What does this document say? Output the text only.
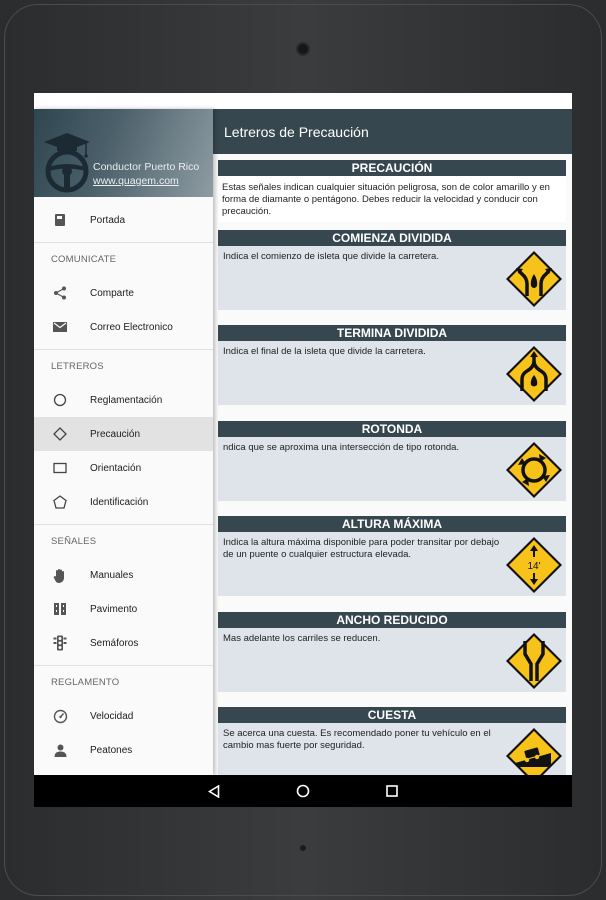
Conductor Puerto Rico
www.quagem.com
Portada
COMUNICATE
Comparte
Correo Electronico
LETREROS
Reglamentación
Precaución
Orientación
Identificación
SEÑALES
Manuales
Pavimento
Semáforos
REGLAMENTO
Velocidad
Peatones
Letreros de Precaución
PRECAUCIÓN
Estas señales indican cualquier situación peligrosa, son de color amarillo y en forma de diamante o pentágono. Debes reducir la velocidad y conducir con precaución.
COMIENZA DIVIDIDA
Indica el comienzo de isleta que divide la carretera.
TERMINA DIVIDIDA
Indica el final de la isleta que divide la carretera.
ROTONDA
ndica que se aproxima una intersección de tipo rotonda.
ALTURA MÁXIMA
Indica la altura máxima disponible para poder transitar por debajo de un puente o cualquier estructura elevada.
14'
ANCHO REDUCIDO
Mas adelante los carriles se reducen.
CUESTA
Se acerca una cuesta. Es recomendado poner tu vehículo en el cambio mas fuerte por seguridad.
